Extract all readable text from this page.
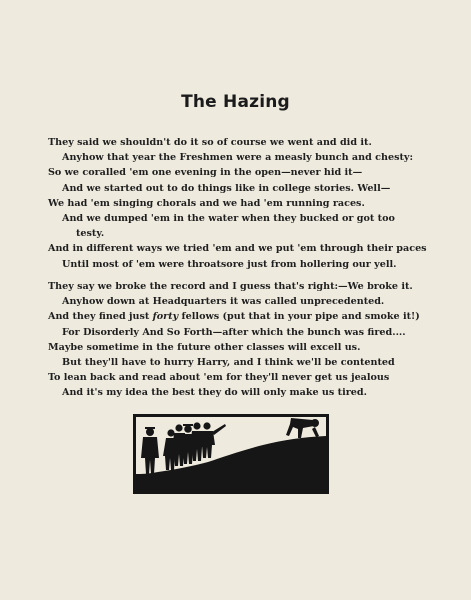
The Hazing
They said we shouldn't do it so of course we went and did it.
Anyhow that year the Freshmen were a measly bunch and chesty:
So we coralled 'em one evening in the open—never hid it—
And we started out to do things like in college stories. Well—
We had 'em singing chorals and we had 'em running races.
And we dumped 'em in the water when they bucked or got too
testy.
And in different ways we tried 'em and we put 'em through their paces
Until most of 'em were throatsore just from hollering our yell.
They say we broke the record and I guess that's right:—We broke it.
Anyhow down at Headquarters it was called unprecedented.
And they fined just forty fellows (put that in your pipe and smoke it!)
For Disorderly And So Forth—after which the bunch was fired....
Maybe sometime in the future other classes will excell us.
But they'll have to hurry Harry, and I think we'll be contented
To lean back and read about 'em for they'll never get us jealous
And it's my idea the best they do will only make us tired.
